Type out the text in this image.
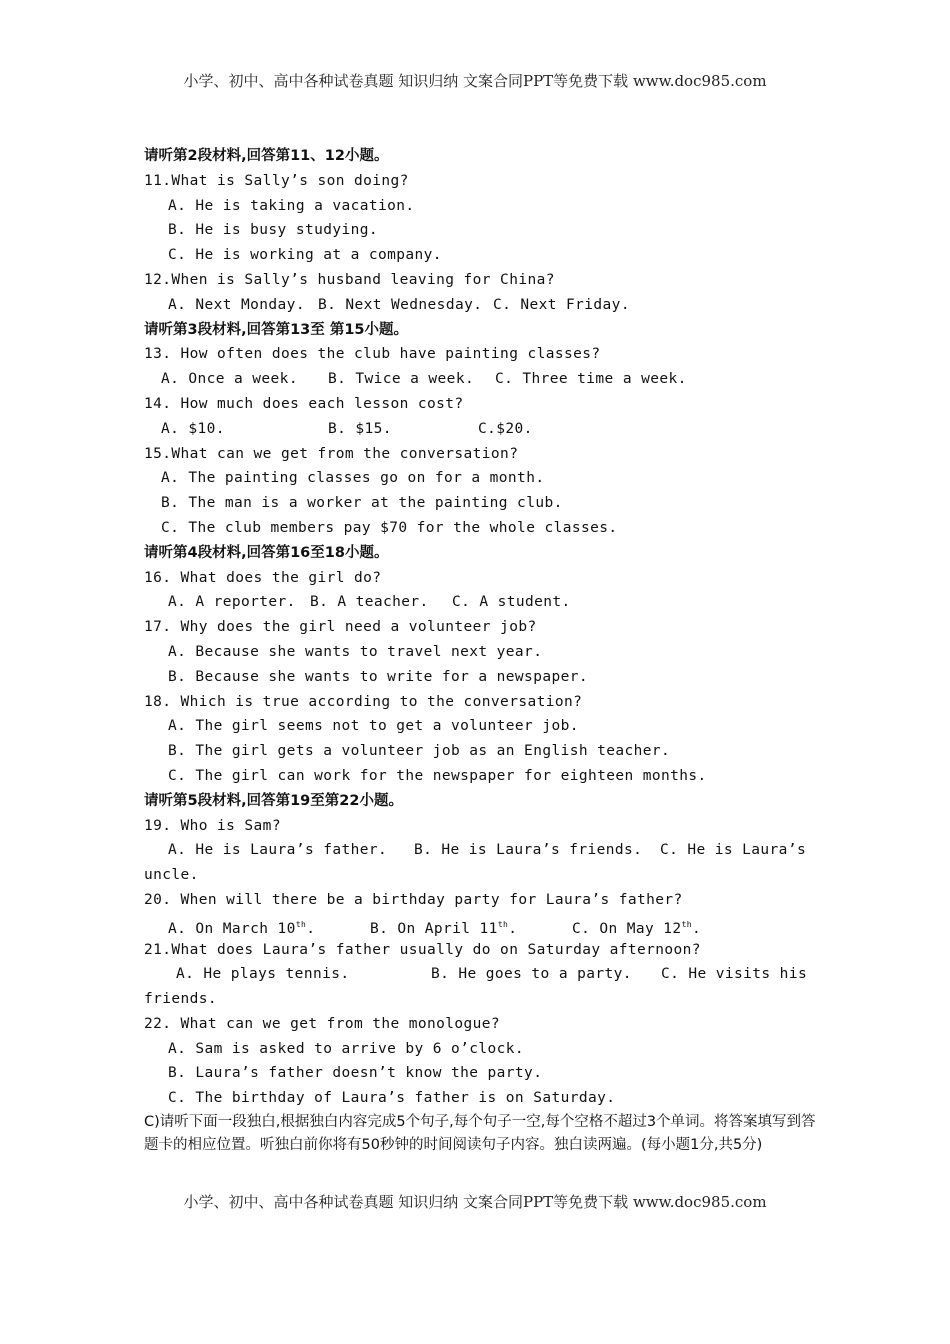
小学、初中、高中各种试卷真题 知识归纳 文案合同PPT等免费下载 www.doc985.com
请听第2段材料,回答第11、12小题。
11.What is Sally’s son doing?
A. He is taking a vacation.
B. He is busy studying.
C. He is working at a company.
12.When is Sally’s husband leaving for China?
A. Next Monday. B. Next Wednesday. C. Next Friday.
请听第3段材料,回答第13至 第15小题。
13. How often does the club have painting classes?
A. Once a week. B. Twice a week. C. Three time a week.
14. How much does each lesson cost?
A. $10.	B. $15.	C.$20.
15.What can we get from the conversation?
A. The painting classes go on for a month.
B. The man is a worker at the painting club.
C. The club members pay $70 for the whole classes.
请听第4段材料,回答第16至18小题。
16. What does the girl do?
A. A reporter. B. A teacher. C. A student.
17. Why does the girl need a volunteer job?
A. Because she wants to travel next year.
B. Because she wants to write for a newspaper.
18. Which is true according to the conversation?
A. The girl seems not to get a volunteer job.
B. The girl gets a volunteer job as an English teacher.
C. The girl can work for the newspaper for eighteen months.
请听第5段材料,回答第19至第22小题。
19. Who is Sam?
A. He is Laura’s father. B. He is Laura’s friends. C. He is Laura’s
uncle.
20. When will there be a birthday party for Laura’s father?
A. On March 10th.	B. On April 11th.	C. On May 12th.
21.What does Laura’s father usually do on Saturday afternoon?
A. He plays tennis.	B. He goes to a party. C. He visits his
friends.
22. What can we get from the monologue?
A. Sam is asked to arrive by 6 o’clock.
B. Laura’s father doesn’t know the party.
C. The birthday of Laura’s father is on Saturday.
C)请听下面一段独白,根据独白内容完成5个句子,每个句子一空,每个空格不超过3个单词。将答案填写到答题卡的相应位置。听独白前你将有50秒钟的时间阅读句子内容。独白读两遍。(每小题1分,共5分)
小学、初中、高中各种试卷真题 知识归纳 文案合同PPT等免费下载 www.doc985.com
